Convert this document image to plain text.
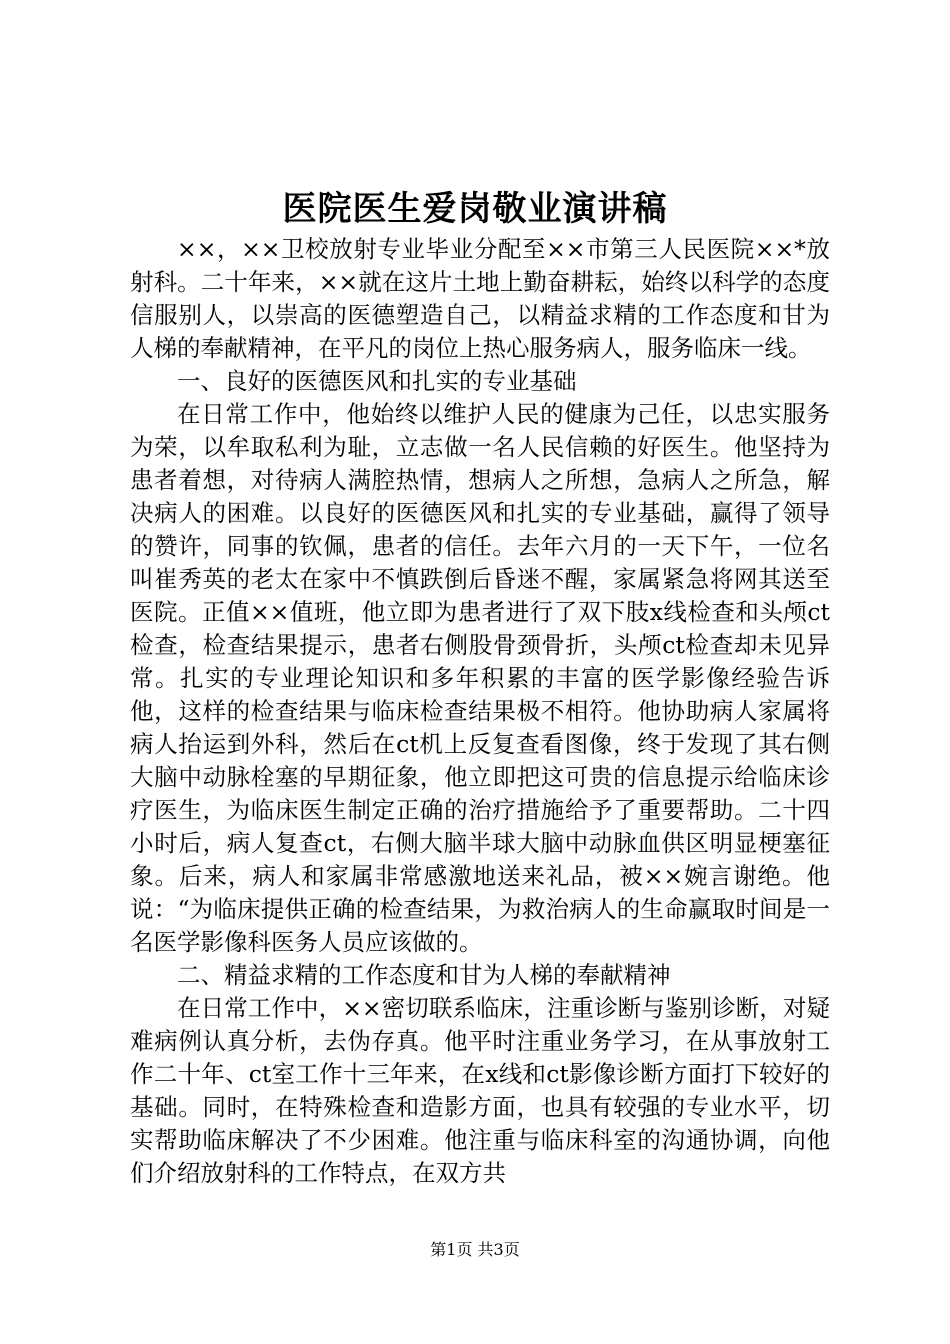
医院医生爱岗敬业演讲稿

××，××卫校放射专业毕业分配至××市第三人民医院××*放射科。二十年来，××就在这片土地上勤奋耕耘，始终以科学的态度信服别人，以崇高的医德塑造自己，以精益求精的工作态度和甘为人梯的奉献精神，在平凡的岗位上热心服务病人，服务临床一线。

一、良好的医德医风和扎实的专业基础

在日常工作中，他始终以维护人民的健康为己任，以忠实服务为荣，以牟取私利为耻，立志做一名人民信赖的好医生。他坚持为患者着想，对待病人满腔热情，想病人之所想，急病人之所急，解决病人的困难。以良好的医德医风和扎实的专业基础，赢得了领导的赞许，同事的钦佩，患者的信任。去年六月的一天下午，一位名叫崔秀英的老太在家中不慎跌倒后昏迷不醒，家属紧急将网其送至医院。正值××值班，他立即为患者进行了双下肢x线检查和头颅ct检查，检查结果提示，患者右侧股骨颈骨折，头颅ct检查却未见异常。扎实的专业理论知识和多年积累的丰富的医学影像经验告诉他，这样的检查结果与临床检查结果极不相符。他协助病人家属将病人抬运到外科，然后在ct机上反复查看图像，终于发现了其右侧大脑中动脉栓塞的早期征象，他立即把这可贵的信息提示给临床诊疗医生，为临床医生制定正确的治疗措施给予了重要帮助。二十四小时后，病人复查ct，右侧大脑半球大脑中动脉血供区明显梗塞征象。后来，病人和家属非常感激地送来礼品，被××婉言谢绝。他说：“为临床提供正确的检查结果，为救治病人的生命赢取时间是一名医学影像科医务人员应该做的。

二、精益求精的工作态度和甘为人梯的奉献精神

在日常工作中，××密切联系临床，注重诊断与鉴别诊断，对疑难病例认真分析，去伪存真。他平时注重业务学习，在从事放射工作二十年、ct室工作十三年来，在x线和ct影像诊断方面打下较好的基础。同时，在特殊检查和造影方面，也具有较强的专业水平，切实帮助临床解决了不少困难。他注重与临床科室的沟通协调，向他们介绍放射科的工作特点，在双方共

第1页 共3页
